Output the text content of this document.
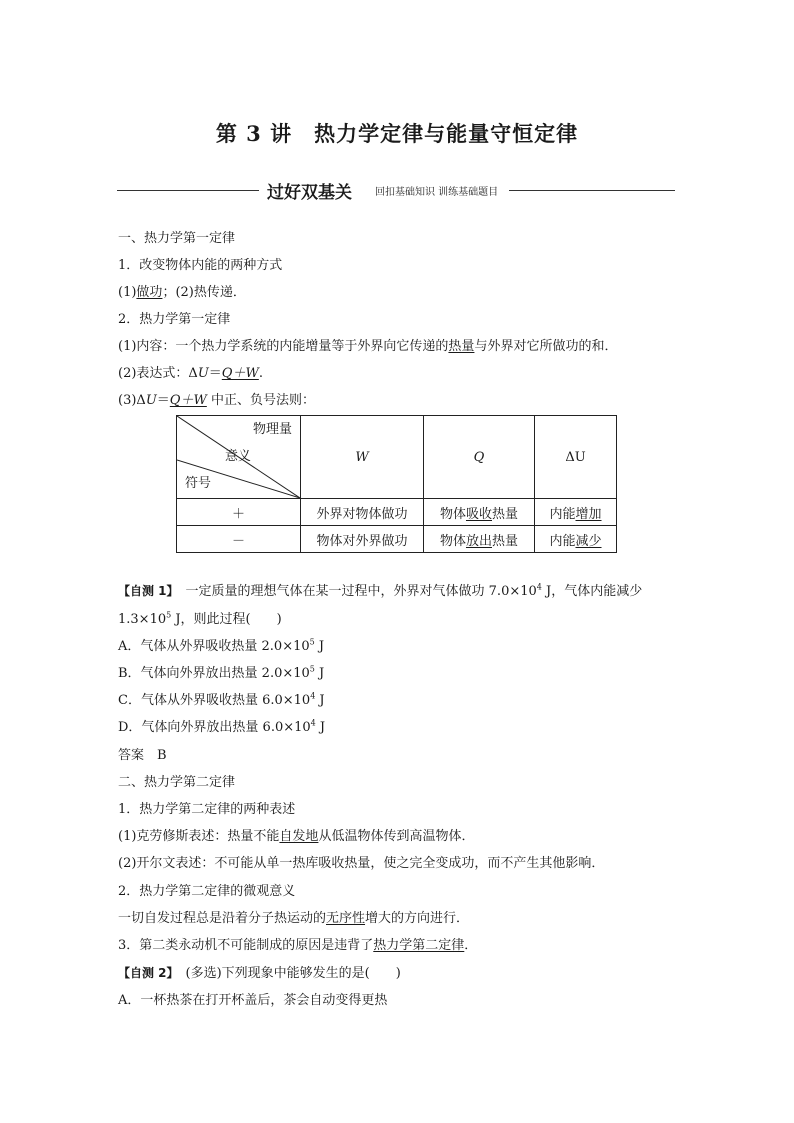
第 3 讲　热力学定律与能量守恒定律
过好双基关 回扣基础知识 训练基础题目
一、热力学第一定律
1．改变物体内能的两种方式
(1)做功；(2)热传递．
2．热力学第一定律
(1)内容：一个热力学系统的内能增量等于外界向它传递的热量与外界对它所做功的和．
(2)表达式：ΔU＝Q＋W.
(3)ΔU＝Q＋W 中正、负号法则：
物理量
意义
符号	W	Q	ΔU
＋	外界对物体做功	物体吸收热量	内能增加
－	物体对外界做功	物体放出热量	内能减少
【自测 1】　一定质量的理想气体在某一过程中，外界对气体做功 $7.0\times 10^4$ J，气体内能减少
$1.3\times 10^5$ J，则此过程(　　)
A．气体从外界吸收热量 $2.0\times 10^5$ J
B．气体向外界放出热量 $2.0\times 10^5$ J
C．气体从外界吸收热量 $6.0\times 10^4$ J
D．气体向外界放出热量 $6.0\times 10^4$ J
答案　B
二、热力学第二定律
1．热力学第二定律的两种表述
(1)克劳修斯表述：热量不能自发地从低温物体传到高温物体．
(2)开尔文表述：不可能从单一热库吸收热量，使之完全变成功，而不产生其他影响．
2．热力学第二定律的微观意义
一切自发过程总是沿着分子热运动的无序性增大的方向进行．
3．第二类永动机不可能制成的原因是违背了热力学第二定律．
【自测 2】　(多选)下列现象中能够发生的是(　　)
A．一杯热茶在打开杯盖后，茶会自动变得更热
